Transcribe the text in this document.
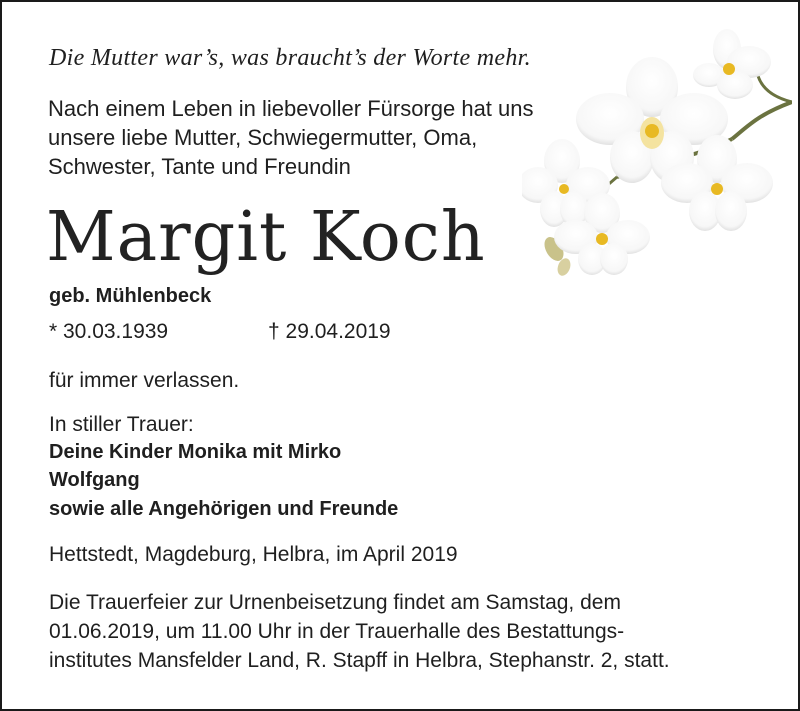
Die Mutter war’s, was braucht’s der Worte mehr.
Nach einem Leben in liebevoller Fürsorge hat uns
unsere liebe Mutter, Schwiegermutter, Oma,
Schwester, Tante und Freundin
Margit Koch
geb. Mühlenbeck
* 30.03.1939	† 29.04.2019
für immer verlassen.
In stiller Trauer:
Deine Kinder Monika mit Mirko
Wolfgang
sowie alle Angehörigen und Freunde
Hettstedt, Magdeburg, Helbra, im April 2019
Die Trauerfeier zur Urnenbeisetzung findet am Samstag, dem
01.06.2019, um 11.00 Uhr in der Trauerhalle des Bestattungs-
institutes Mansfelder Land, R. Stapff in Helbra, Stephanstr. 2, statt.
